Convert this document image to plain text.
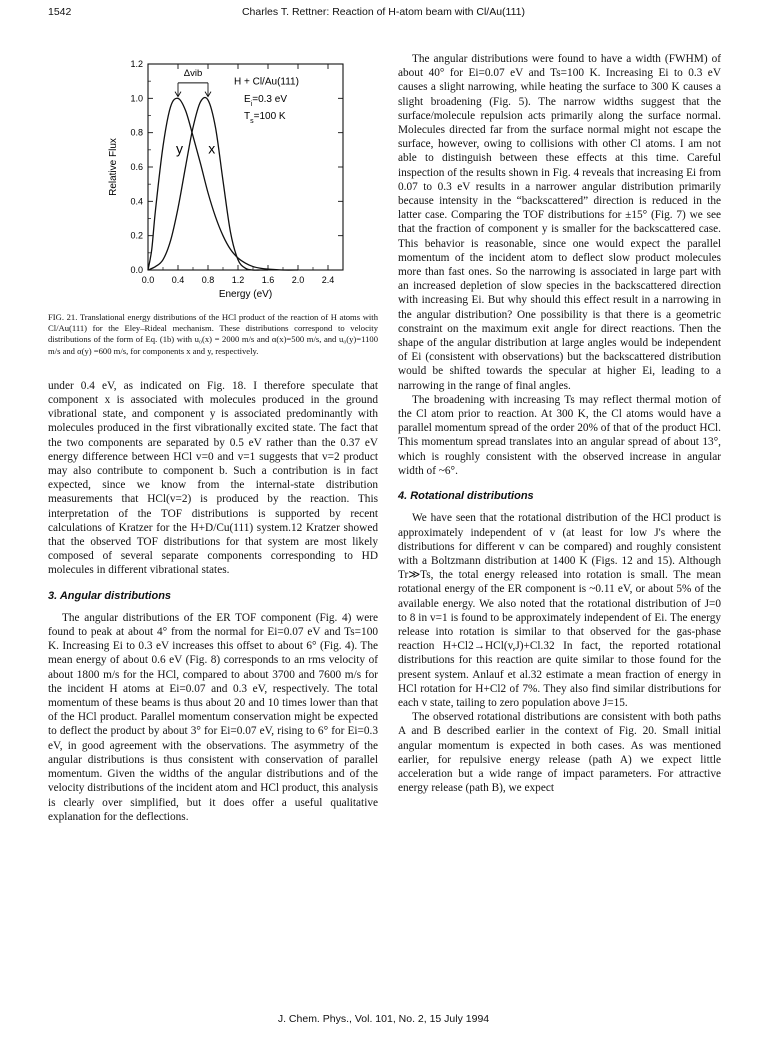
1542	Charles T. Rettner: Reaction of H-atom beam with Cl/Au(111)
0.0 0.4 0.8 1.2 1.6 2.0 2.4
0.0
0.2
0.4
0.6
0.8
1.0
1.2
Energy (eV)
Relative Flux
H + Cl/Au(111)
$E_i=0.3$ eV
$T_s=100$ K
Δvib
y x

FIG. 21. Translational energy distributions of the HCl product of the reaction of H atoms with Cl/Au(111) for the Eley–Rideal mechanism. These distributions correspond to velocity distributions of the form of Eq. (1b) with u₀(x) = 2000 m/s and α(x)=500 m/s, and u₀(y)=1100 m/s and α(y) =600 m/s, for components x and y, respectively.

under 0.4 eV, as indicated on Fig. 18. I therefore speculate that component x is associated with molecules produced in the ground vibrational state, and component y is associated predominantly with molecules produced in the first vibrationally excited state. The fact that the two components are separated by 0.5 eV rather than the 0.37 eV energy difference between HCl v=0 and v=1 suggests that v=2 product may also contribute to component b. Such a contribution is in fact expected, since we know from the internal-state distribution measurements that HCl(v=2) is produced by the reaction. This interpretation of the TOF distributions is supported by recent calculations of Kratzer for the H+D/Cu(111) system.12 Kratzer showed that the observed TOF distributions for that system are most likely composed of several separate components corresponding to HD molecules in different vibrational states.

3. Angular distributions

The angular distributions of the ER TOF component (Fig. 4) were found to peak at about 4° from the normal for Ei=0.07 eV and Ts=100 K. Increasing Ei to 0.3 eV increases this offset to about 6° (Fig. 4). The mean energy of about 0.6 eV (Fig. 8) corresponds to an rms velocity of about 1800 m/s for the HCl, compared to about 3700 and 7600 m/s for the incident H atoms at Ei=0.07 and 0.3 eV, respectively. The total momentum of these beams is thus about 20 and 10 times lower than that of the HCl product. Parallel momentum conservation might be expected to deflect the product by about 3° for Ei=0.07 eV, rising to 6° for Ei=0.3 eV, in good agreement with the observations. The asymmetry of the angular distributions is thus consistent with conservation of parallel momentum. Given the widths of the angular distributions and of the velocity distributions of the incident atom and HCl product, this analysis is clearly over simplified, but it does offer a useful qualitative explanation for the deflections.

The angular distributions were found to have a width (FWHM) of about 40° for Ei=0.07 eV and Ts=100 K. Increasing Ei to 0.3 eV causes a slight narrowing, while heating the surface to 300 K causes a slight broadening (Fig. 5). The narrow widths suggest that the surface/molecule repulsion acts primarily along the surface normal. Molecules directed far from the surface normal might not escape the surface, however, owing to collisions with other Cl atoms. I am not able to distinguish between these effects at this time. Careful inspection of the results shown in Fig. 4 reveals that increasing Ei from 0.07 to 0.3 eV results in a narrower angular distribution primarily because intensity in the “backscattered” direction is reduced in the latter case. Comparing the TOF distributions for ±15° (Fig. 7) we see that the fraction of component y is smaller for the backscattered case. This behavior is reasonable, since one would expect the parallel momentum of the incident atom to deflect slow product molecules more than fast ones. So the narrowing is associated in large part with an increased depletion of slow species in the backscattered direction with increasing Ei. But why should this effect result in a narrowing in the angular distribution? One possibility is that there is a geometric constraint on the maximum exit angle for direct reactions. Then the shape of the angular distribution at large angles would be independent of Ei (consistent with observations) but the backscattered distribution would be shifted towards the specular at higher Ei, leading to a narrowing in the range of final angles.

The broadening with increasing Ts may reflect thermal motion of the Cl atom prior to reaction. At 300 K, the Cl atoms would have a parallel momentum spread of the order 20% of that of the product HCl. This momentum spread translates into an angular spread of about 13°, which is roughly consistent with the observed increase in angular width of ~6°.

4. Rotational distributions

We have seen that the rotational distribution of the HCl product is approximately independent of v (at least for low J's where the distributions for different v can be compared) and roughly consistent with a Boltzmann distribution at 1400 K (Figs. 12 and 15). Although Tr≫Ts, the total energy released into rotation is small. The mean rotational energy of the ER component is ~0.11 eV, or about 5% of the available energy. We also noted that the rotational distribution of J=0 to 8 in v=1 is found to be approximately independent of Ei. The energy release into rotation is similar to that observed for the gas-phase reaction H+Cl2→HCl(v,J)+Cl.32 In fact, the reported rotational distributions for this reaction are quite similar to those found for the present system. Anlauf et al.32 estimate a mean fraction of energy in HCl rotation for H+Cl2 of 7%. They also find similar distributions for each v state, tailing to zero population above J=15.

The observed rotational distributions are consistent with both paths A and B described earlier in the context of Fig. 20. Small initial angular momentum is expected in both cases. As was mentioned earlier, for repulsive energy release (path A) we expect little acceleration but a wide range of impact parameters. For attractive energy release (path B), we expect

J. Chem. Phys., Vol. 101, No. 2, 15 July 1994
